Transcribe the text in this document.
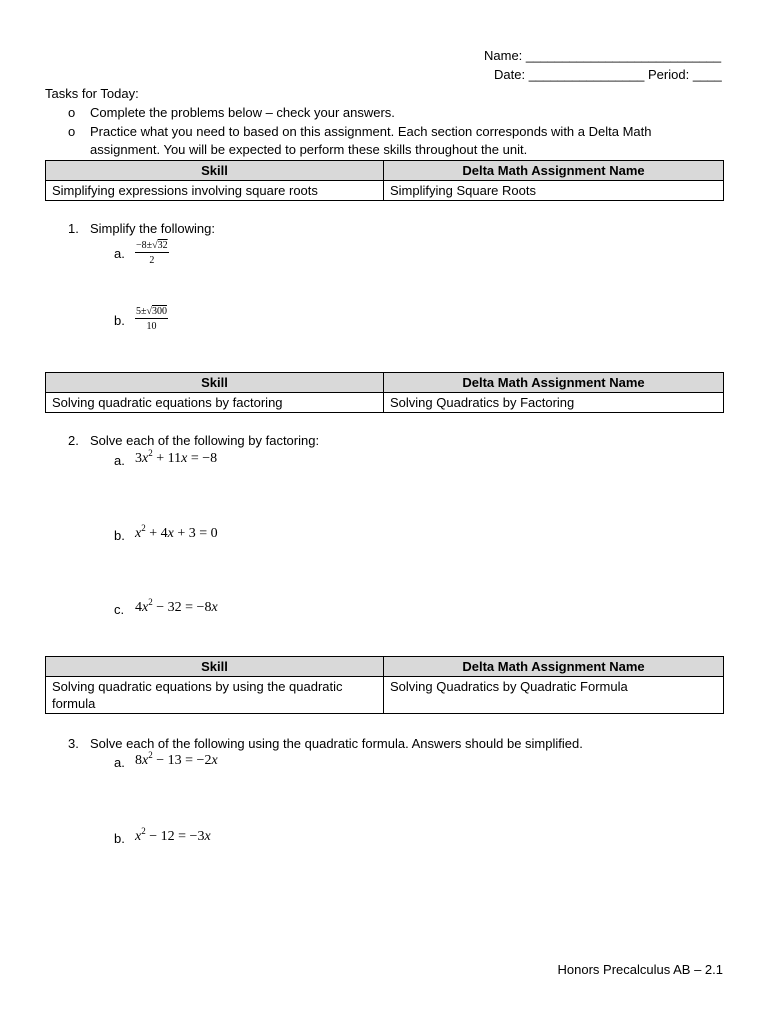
Name: ___________________________
Date: ________________ Period: ____
Tasks for Today:
o Complete the problems below – check your answers.
o Practice what you need to based on this assignment. Each section corresponds with a Delta Math
assignment. You will be expected to perform these skills throughout the unit.
Skill	Delta Math Assignment Name
Simplifying expressions involving square roots	Simplifying Square Roots
1. Simplify the following:
a. $\frac{-8\pm√32}{2}$
b. $\frac{5\pm√300}{10}$
Skill	Delta Math Assignment Name
Solving quadratic equations by factoring	Solving Quadratics by Factoring
2. Solve each of the following by factoring:
a. $3x^2 + 11x = -8$
b. $x^2 + 4x + 3 = 0$
c. $4x^2 - 32 = -8x$
Skill	Delta Math Assignment Name
Solving quadratic equations by using the quadratic formula	Solving Quadratics by Quadratic Formula
3. Solve each of the following using the quadratic formula. Answers should be simplified.
a. $8x^2 - 13 = -2x$
b. $x^2 - 12 = -3x$
Honors Precalculus AB – 2.1
